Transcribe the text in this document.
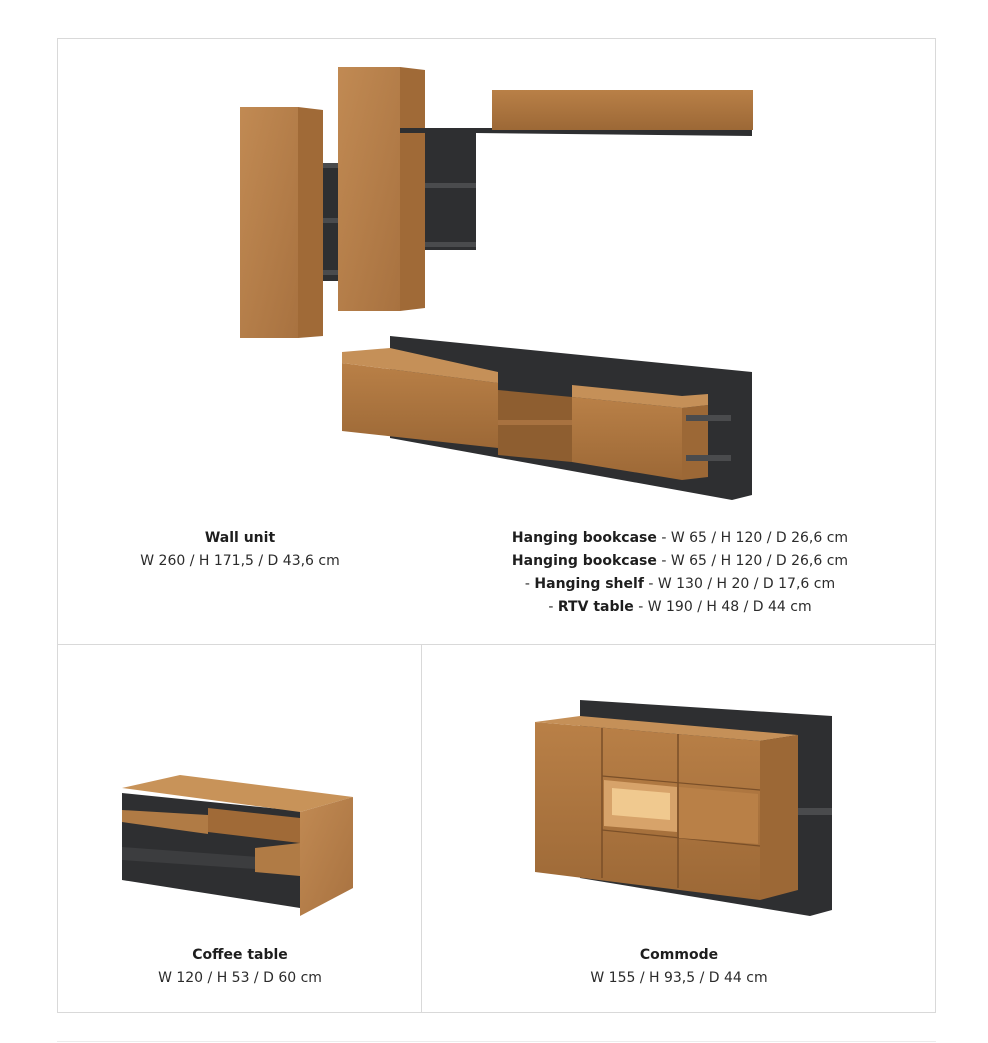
Wall unit
W 260 / H 171,5 / D 43,6 cm
Hanging bookcase - W 65 / H 120 / D 26,6 cm
Hanging bookcase - W 65 / H 120 / D 26,6 cm
- Hanging shelf - W 130 / H 20 / D 17,6 cm
- RTV table - W 190 / H 48 / D 44 cm
Coffee table
W 120 / H 53 / D 60 cm
Commode
W 155 / H 93,5 / D 44 cm
